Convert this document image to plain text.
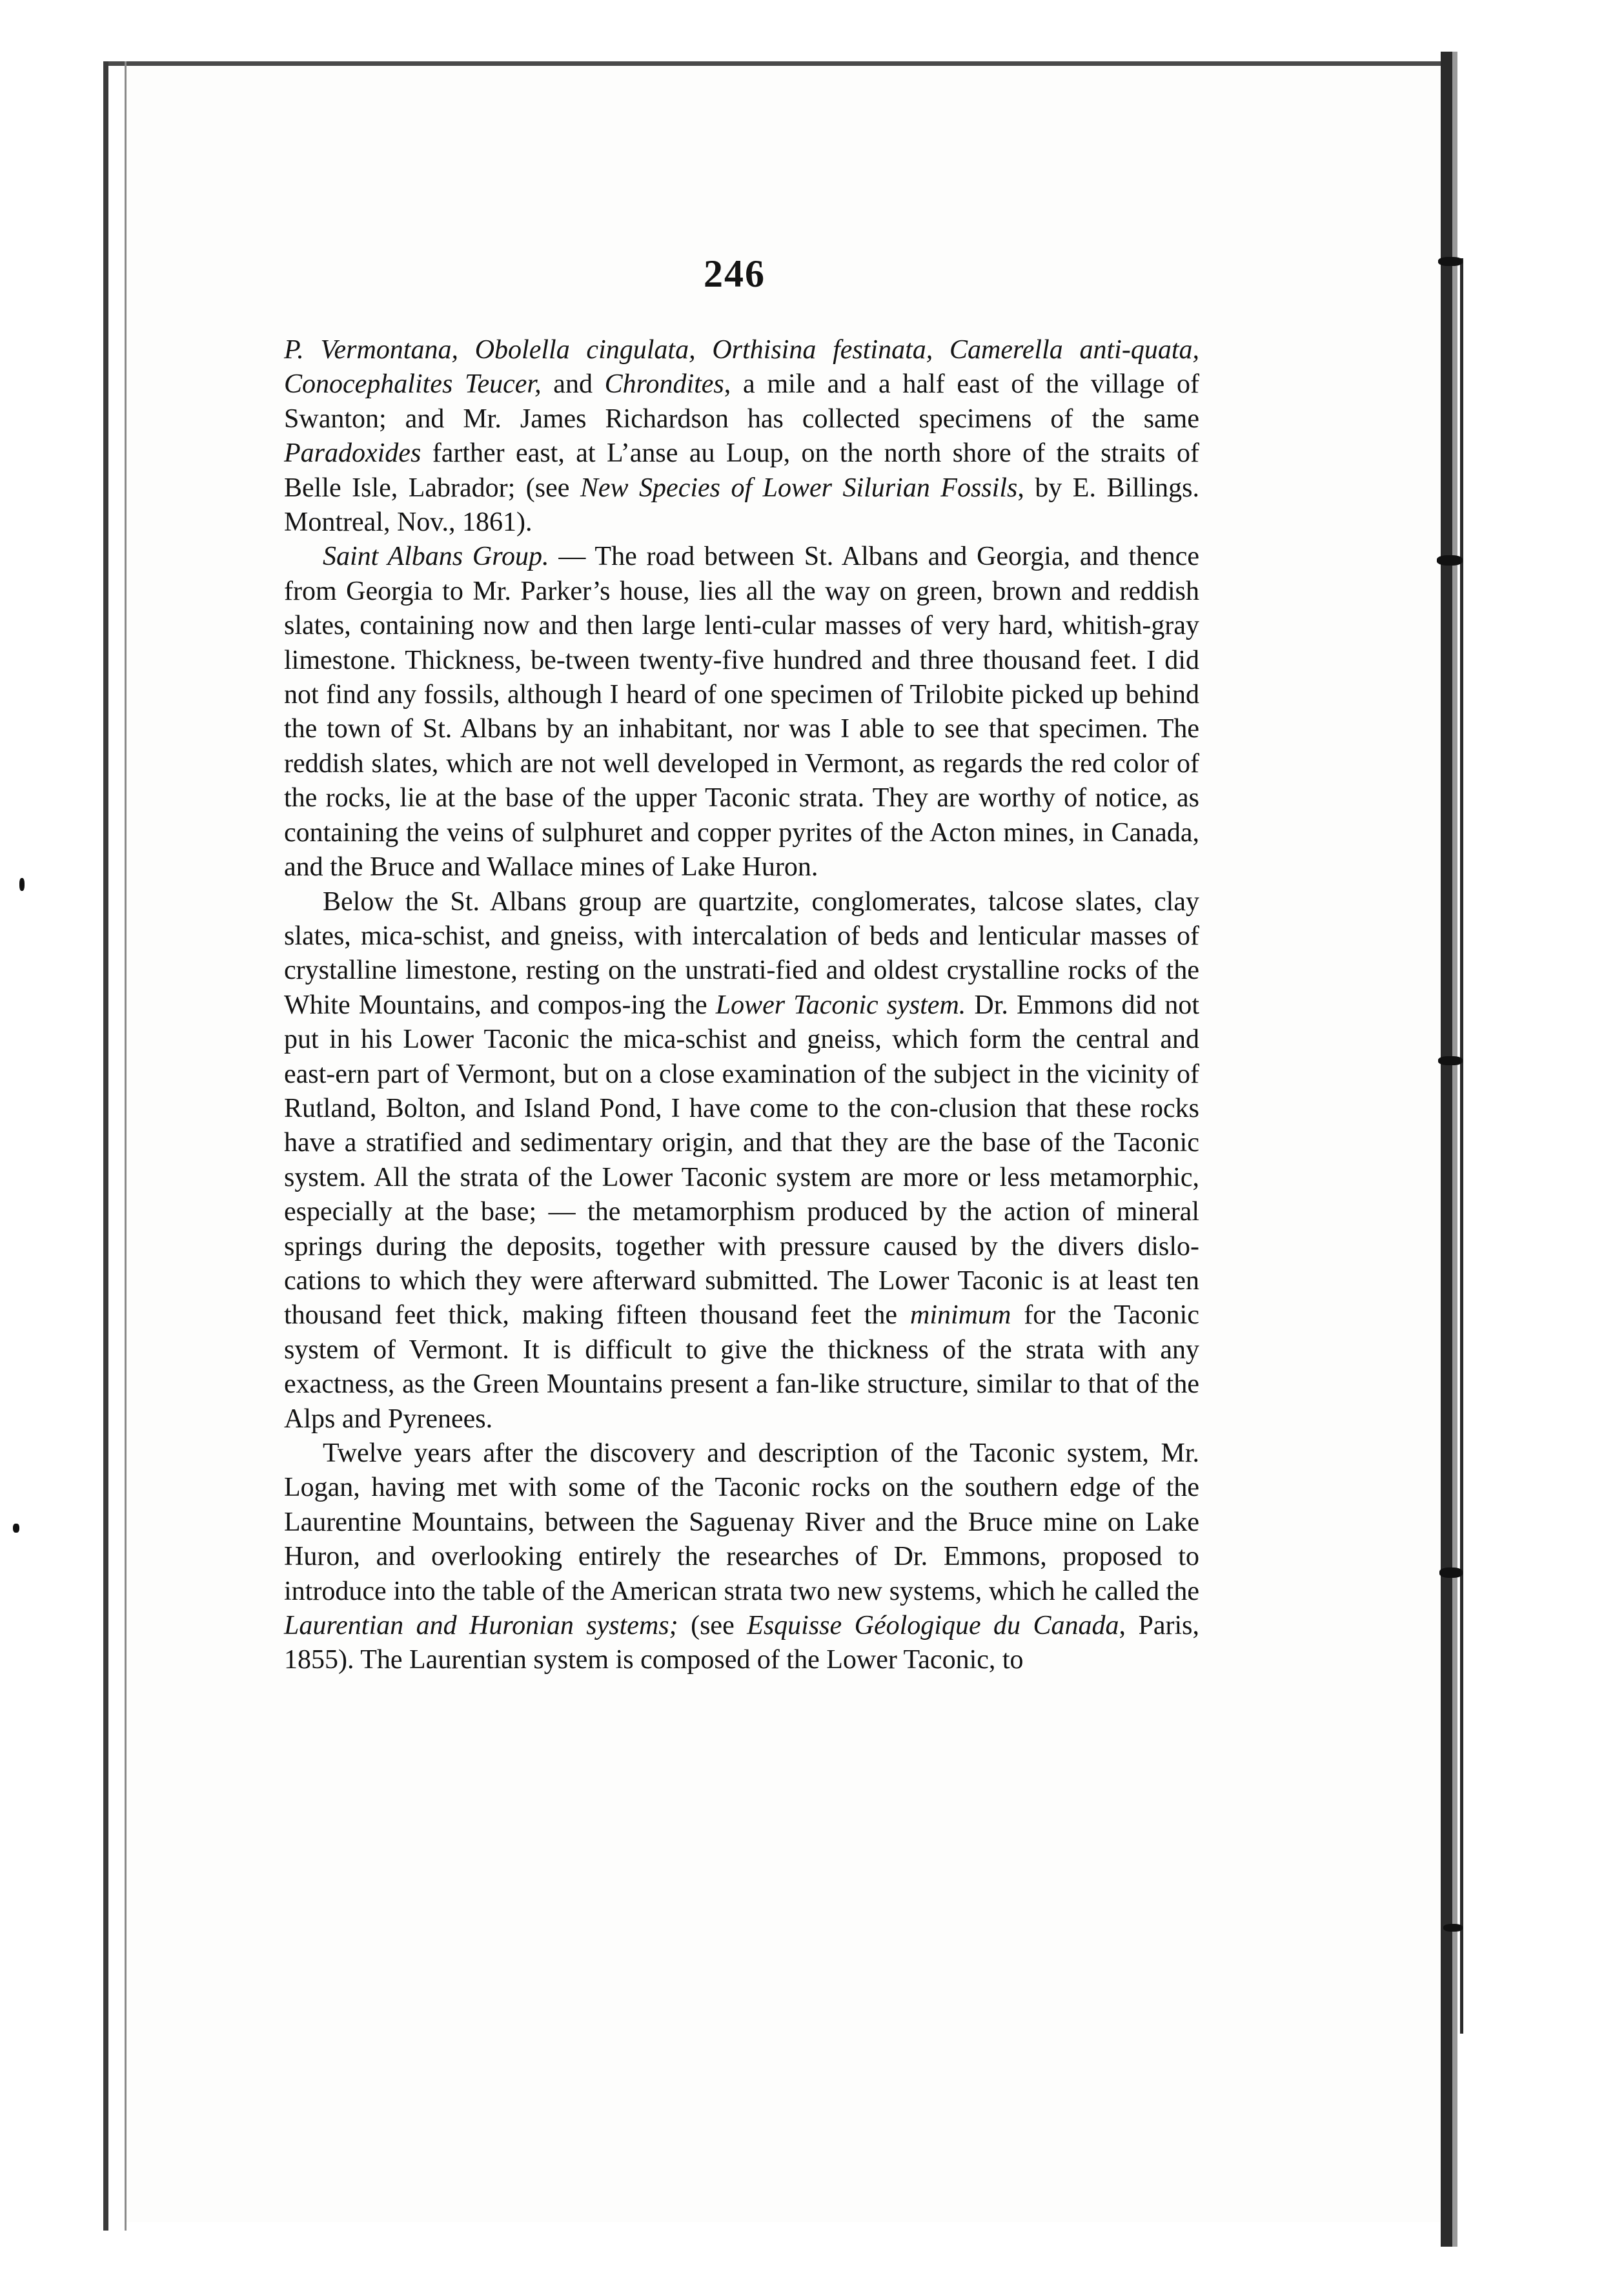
246

P. Vermontana, Obolella cingulata, Orthisina festinata, Camerella anti-quata, Conocephalites Teucer, and Chrondites, a mile and a half east of the village of Swanton; and Mr. James Richardson has collected specimens of the same Paradoxides farther east, at L’anse au Loup, on the north shore of the straits of Belle Isle, Labrador; (see New Species of Lower Silurian Fossils, by E. Billings. Montreal, Nov., 1861).

Saint Albans Group. — The road between St. Albans and Georgia, and thence from Georgia to Mr. Parker’s house, lies all the way on green, brown and reddish slates, containing now and then large lenti-cular masses of very hard, whitish-gray limestone. Thickness, be-tween twenty-five hundred and three thousand feet. I did not find any fossils, although I heard of one specimen of Trilobite picked up behind the town of St. Albans by an inhabitant, nor was I able to see that specimen. The reddish slates, which are not well developed in Vermont, as regards the red color of the rocks, lie at the base of the upper Taconic strata. They are worthy of notice, as containing the veins of sulphuret and copper pyrites of the Acton mines, in Canada, and the Bruce and Wallace mines of Lake Huron.

Below the St. Albans group are quartzite, conglomerates, talcose slates, clay slates, mica-schist, and gneiss, with intercalation of beds and lenticular masses of crystalline limestone, resting on the unstrati-fied and oldest crystalline rocks of the White Mountains, and compos-ing the Lower Taconic system. Dr. Emmons did not put in his Lower Taconic the mica-schist and gneiss, which form the central and east-ern part of Vermont, but on a close examination of the subject in the vicinity of Rutland, Bolton, and Island Pond, I have come to the con-clusion that these rocks have a stratified and sedimentary origin, and that they are the base of the Taconic system. All the strata of the Lower Taconic system are more or less metamorphic, especially at the base; — the metamorphism produced by the action of mineral springs during the deposits, together with pressure caused by the divers dislo-cations to which they were afterward submitted. The Lower Taconic is at least ten thousand feet thick, making fifteen thousand feet the minimum for the Taconic system of Vermont. It is difficult to give the thickness of the strata with any exactness, as the Green Mountains present a fan-like structure, similar to that of the Alps and Pyrenees.

Twelve years after the discovery and description of the Taconic system, Mr. Logan, having met with some of the Taconic rocks on the southern edge of the Laurentine Mountains, between the Saguenay River and the Bruce mine on Lake Huron, and overlooking entirely the researches of Dr. Emmons, proposed to introduce into the table of the American strata two new systems, which he called the Laurentian and Huronian systems; (see Esquisse Géologique du Canada, Paris, 1855). The Laurentian system is composed of the Lower Taconic, to
